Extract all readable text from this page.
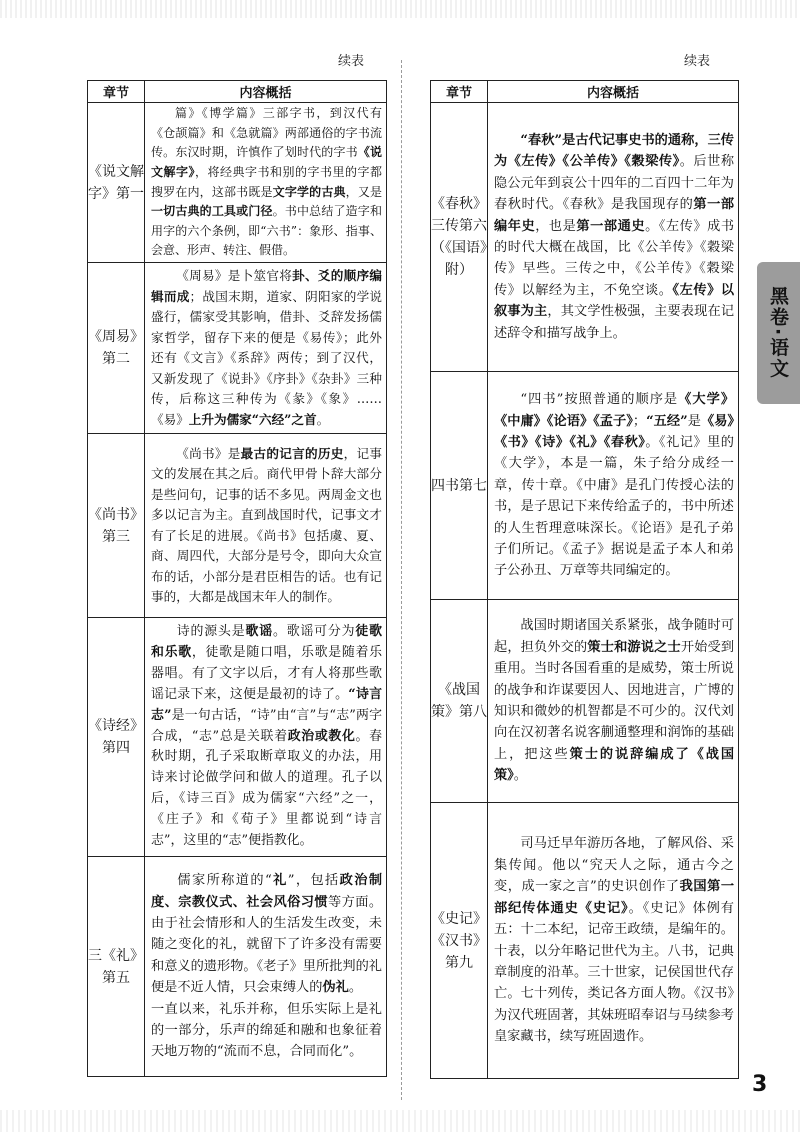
续表	续表
章节	内容概括
《说文解字》第一	篇》《博学篇》三部字书，到汉代有《仓颉篇》和《急就篇》两部通俗的字书流传。东汉时期，许慎作了划时代的字书《说文解字》，将经典字书和别的字书里的字都搜罗在内，这部书既是文字学的古典，又是一切古典的工具或门径。书中总结了造字和用字的六个条例，即“六书”：象形、指事、会意、形声、转注、假借。
《周易》第二	《周易》是卜筮官将卦、爻的顺序编辑而成；战国末期，道家、阴阳家的学说盛行，儒家受其影响，借卦、爻辞发扬儒家哲学，留存下来的便是《易传》；此外还有《文言》《系辞》两传；到了汉代，又新发现了《说卦》《序卦》《杂卦》三种传，后称这三种传为《彖》《象》……《易》上升为儒家“六经”之首。
《尚书》第三	《尚书》是最古的记言的历史，记事文的发展在其之后。商代甲骨卜辞大部分是些问句，记事的话不多见。两周金文也多以记言为主。直到战国时代，记事文才有了长足的进展。《尚书》包括虞、夏、商、周四代，大部分是号令，即向大众宣布的话，小部分是君臣相告的话。也有记事的，大都是战国末年人的制作。
《诗经》第四	诗的源头是歌谣。歌谣可分为徒歌和乐歌，徒歌是随口唱，乐歌是随着乐器唱。有了文字以后，才有人将那些歌谣记录下来，这便是最初的诗了。“诗言志”是一句古话，“诗”由“言”与“志”两字合成，“志”总是关联着政治或教化。春秋时期，孔子采取断章取义的办法，用诗来讨论做学问和做人的道理。孔子以后，《诗三百》成为儒家“六经”之一，《庄子》和《荀子》里都说到“诗言志”，这里的“志”便指教化。
三《礼》第五	儒家所称道的“礼”，包括政治制度、宗教仪式、社会风俗习惯等方面。由于社会情形和人的生活发生改变，未随之变化的礼，就留下了许多没有需要和意义的遗形物。《老子》里所批判的礼便是不近人情，只会束缚人的伪礼。
一直以来，礼乐并称，但乐实际上是礼的一部分，乐声的绵延和融和也象征着天地万物的“流而不息，合同而化”。
章节	内容概括
《春秋》三传第六（《国语》附）	“春秋”是古代记事史书的通称，三传为《左传》《公羊传》《穀梁传》。后世称隐公元年到哀公十四年的二百四十二年为春秋时代。《春秋》是我国现存的第一部编年史，也是第一部通史。《左传》成书的时代大概在战国，比《公羊传》《穀梁传》早些。三传之中，《公羊传》《穀梁传》以解经为主，不免空谈。《左传》以叙事为主，其文学性极强，主要表现在记述辞令和描写战争上。
四书第七	“四书”按照普通的顺序是《大学》《中庸》《论语》《孟子》；“五经”是《易》《书》《诗》《礼》《春秋》。《礼记》里的《大学》，本是一篇，朱子给分成经一章，传十章。《中庸》是孔门传授心法的书，是子思记下来传给孟子的，书中所述的人生哲理意味深长。《论语》是孔子弟子们所记。《孟子》据说是孟子本人和弟子公孙丑、万章等共同编定的。
《战国策》第八	战国时期诸国关系紧张，战争随时可起，担负外交的策士和游说之士开始受到重用。当时各国看重的是威势，策士所说的战争和诈谋要因人、因地进言，广博的知识和微妙的机智都是不可少的。汉代刘向在汉初著名说客蒯通整理和润饰的基础上，把这些策士的说辞编成了《战国策》。
《史记》《汉书》第九	司马迁早年游历各地，了解风俗、采集传闻。他以“究天人之际，通古今之变，成一家之言”的史识创作了我国第一部纪传体通史《史记》。《史记》体例有五：十二本纪，记帝王政绩，是编年的。十表，以分年略记世代为主。八书，记典章制度的沿革。三十世家，记侯国世代存亡。七十列传，类记各方面人物。《汉书》为汉代班固著，其妹班昭奉诏与马续参考皇家藏书，续写班固遗作。
黑卷·语文
3
